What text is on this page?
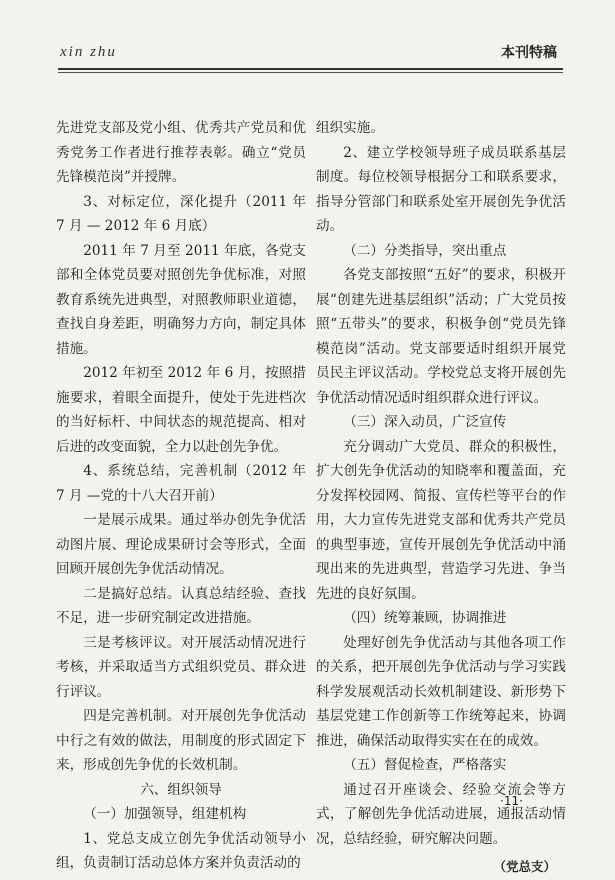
xin zhu	本刊特稿

先进党支部及党小组、优秀共产党员和优秀党务工作者进行推荐表彰。确立“党员先锋模范岗”并授牌。

3、对标定位，深化提升（2011 年 7 月 — 2012 年 6 月底）

2011 年 7 月至 2011 年底，各党支部和全体党员要对照创先争优标准，对照教育系统先进典型，对照教师职业道德，查找自身差距，明确努力方向，制定具体措施。

2012 年初至 2012 年 6 月，按照措施要求，着眼全面提升，使处于先进档次的当好标杆、中间状态的规范提高、相对后进的改变面貌，全力以赴创先争优。

4、系统总结，完善机制（2012 年 7 月 —党的十八大召开前）

一是展示成果。通过举办创先争优活动图片展、理论成果研讨会等形式，全面回顾开展创先争优活动情况。

二是搞好总结。认真总结经验、查找不足，进一步研究制定改进措施。

三是考核评议。对开展活动情况进行考核，并采取适当方式组织党员、群众进行评议。

四是完善机制。对开展创先争优活动中行之有效的做法，用制度的形式固定下来，形成创先争优的长效机制。

六、组织领导

（一）加强领导，组建机构

1、党总支成立创先争优活动领导小组，负责制订活动总体方案并负责活动的

组织实施。

2、建立学校领导班子成员联系基层制度。每位校领导根据分工和联系要求，指导分管部门和联系处室开展创先争优活动。

（二）分类指导，突出重点

各党支部按照“五好”的要求，积极开展“创建先进基层组织”活动；广大党员按照“五带头”的要求，积极争创“党员先锋模范岗”活动。党支部要适时组织开展党员民主评议活动。学校党总支将开展创先争优活动情况适时组织群众进行评议。

（三）深入动员，广泛宣传

充分调动广大党员、群众的积极性，扩大创先争优活动的知晓率和覆盖面，充分发挥校园网、简报、宣传栏等平台的作用，大力宣传先进党支部和优秀共产党员的典型事迹，宣传开展创先争优活动中涌现出来的先进典型，营造学习先进、争当先进的良好氛围。

（四）统筹兼顾，协调推进

处理好创先争优活动与其他各项工作的关系，把开展创先争优活动与学习实践科学发展观活动长效机制建设、新形势下基层党建工作创新等工作统筹起来，协调推进，确保活动取得实实在在的成效。

（五）督促检查，严格落实

通过召开座谈会、经验交流会等方式，了解创先争优活动进展，通报活动情况，总结经验，研究解决问题。

（党总支）

·11·
